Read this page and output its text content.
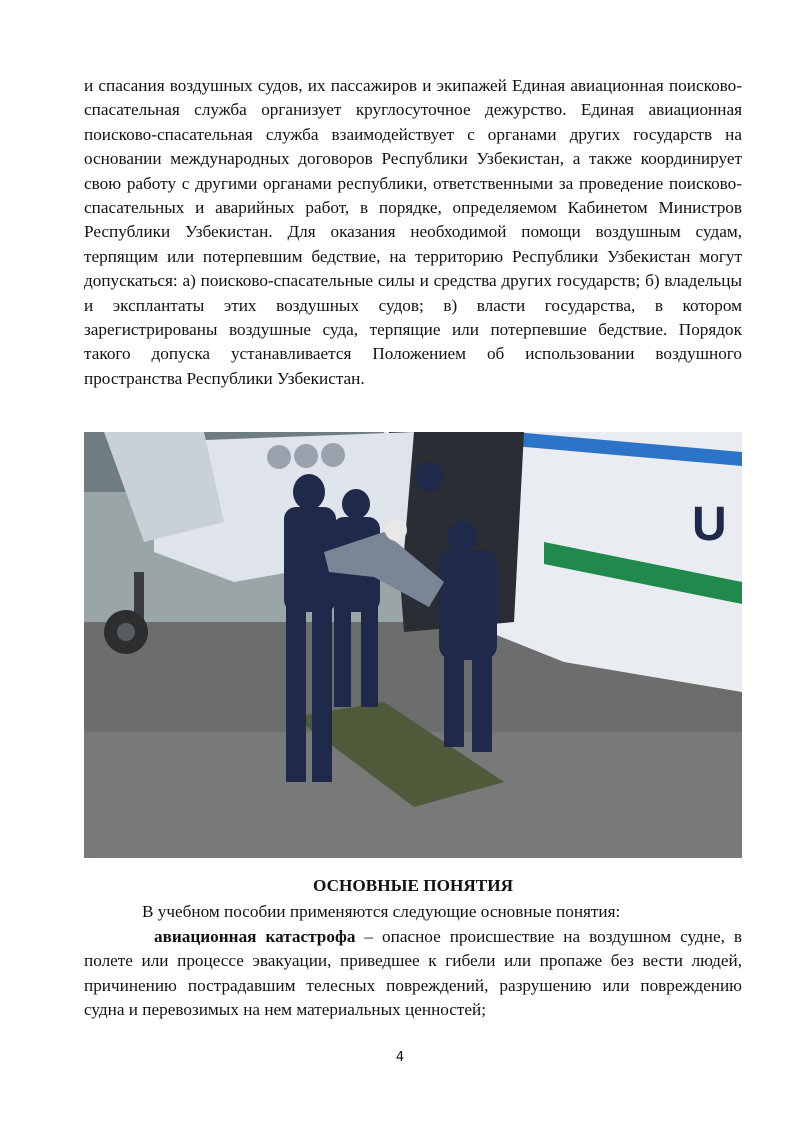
и спасания воздушных судов, их пассажиров и экипажей Единая авиационная поисково-спасательная служба организует круглосуточное дежурство. Единая авиационная поисково-спасательная служба взаимодействует с органами других государств на основании международных договоров Республики Узбекистан, а также координирует свою работу с другими органами республики, ответственными за проведение поисково-спасательных и аварийных работ, в порядке, определяемом Кабинетом Министров Республики Узбекистан. Для оказания необходимой помощи воздушным судам, терпящим или потерпевшим бедствие, на территорию Республики Узбекистан могут допускаться: а) поисково-спасательные силы и средства других государств; б) владельцы и эксплантаты этих воздушных судов; в) власти государства, в котором зарегистрированы воздушные суда, терпящие или потерпевшие бедствие. Порядок такого допуска устанавливается Положением об использовании воздушного пространства Республики Узбекистан.

U
ОСНОВНЫЕ ПОНЯТИЯ

В учебном пособии применяются следующие основные понятия:

авиационная катастрофа – опасное происшествие на воздушном судне, в полете или процессе эвакуации, приведшее к гибели или пропаже без вести людей, причинению пострадавшим телесных повреждений, разрушению или повреждению судна и перевозимых на нем материальных ценностей;

4
